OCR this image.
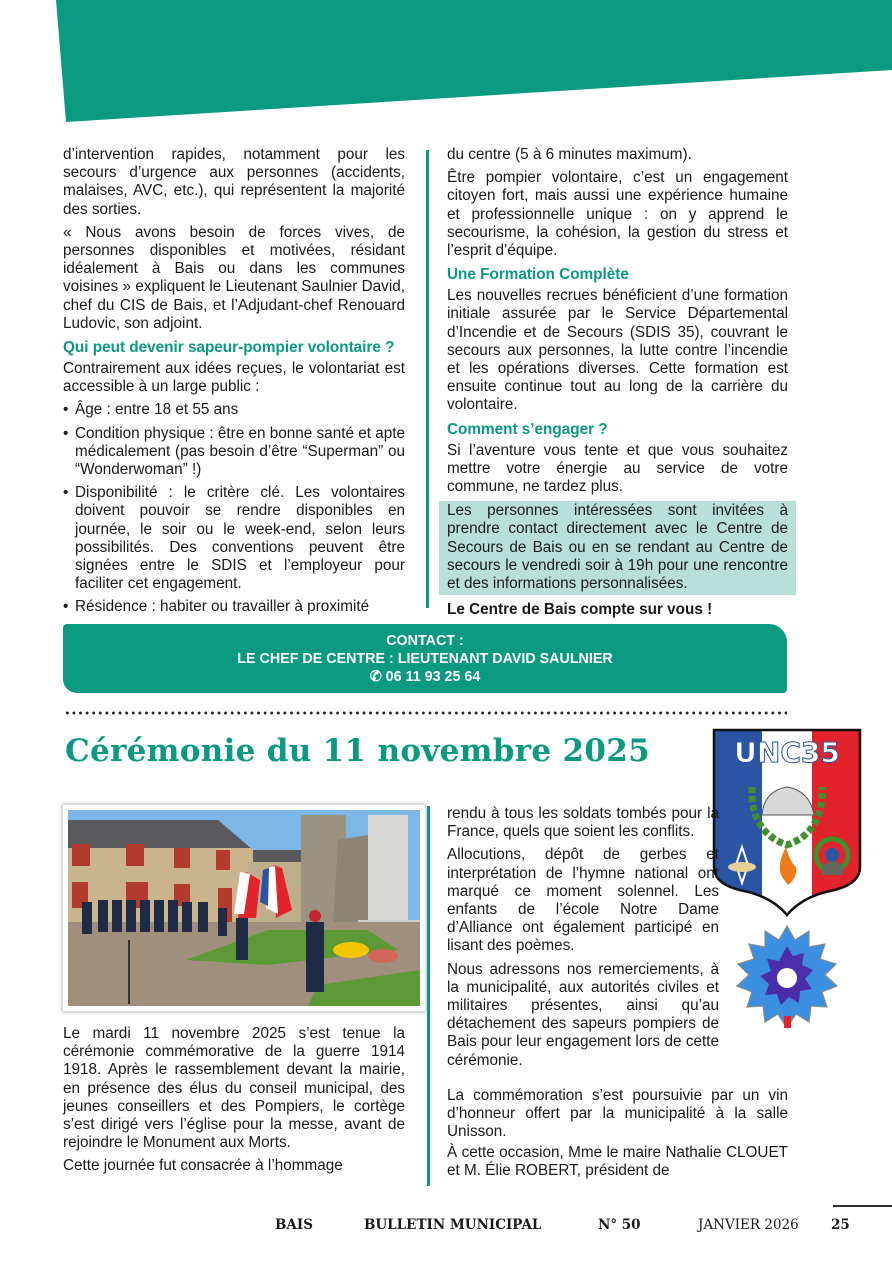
d’intervention rapides, notamment pour les secours d’urgence aux personnes (accidents, malaises, AVC, etc.), qui représentent la majorité des sorties.

« Nous avons besoin de forces vives, de personnes disponibles et motivées, résidant idéalement à Bais ou dans les communes voisines » expliquent le Lieutenant Saulnier David, chef du CIS de Bais, et l’Adjudant-chef Renouard Ludovic, son adjoint.

Qui peut devenir sapeur-pompier volontaire ?

Contrairement aux idées reçues, le volontariat est accessible à un large public :

• Âge : entre 18 et 55 ans
• Condition physique : être en bonne santé et apte médicalement (pas besoin d’être “Superman” ou “Wonderwoman” !)
• Disponibilité : le critère clé. Les volontaires doivent pouvoir se rendre disponibles en journée, le soir ou le week-end, selon leurs possibilités. Des conventions peuvent être signées entre le SDIS et l’employeur pour faciliter cet engagement.
• Résidence : habiter ou travailler à proximité

du centre (5 à 6 minutes maximum).

Être pompier volontaire, c’est un engagement citoyen fort, mais aussi une expérience humaine et professionnelle unique : on y apprend le secourisme, la cohésion, la gestion du stress et l’esprit d’équipe.

Une Formation Complète

Les nouvelles recrues bénéficient d’une formation initiale assurée par le Service Départemental d’Incendie et de Secours (SDIS 35), couvrant le secours aux personnes, la lutte contre l’incendie et les opérations diverses. Cette formation est ensuite continue tout au long de la carrière du volontaire.

Comment s’engager ?

Si l’aventure vous tente et que vous souhaitez mettre votre énergie au service de votre commune, ne tardez plus.

Les personnes intéressées sont invitées à prendre contact directement avec le Centre de Secours de Bais ou en se rendant au Centre de secours le vendredi soir à 19h pour une rencontre et des informations personnalisées.

Le Centre de Bais compte sur vous !

CONTACT :
LE CHEF DE CENTRE : LIEUTENANT DAVID SAULNIER
✆ 06 11 93 25 64
Cérémonie du 11 novembre 2025	UNC35

Le mardi 11 novembre 2025 s’est tenue la cérémonie commémorative de la guerre 1914 1918. Après le rassemblement devant la mairie, en présence des élus du conseil municipal, des jeunes conseillers et des Pompiers, le cortège s’est dirigé vers l’église pour la messe, avant de rejoindre le Monument aux Morts.

Cette journée fut consacrée à l’hommage

rendu à tous les soldats tombés pour la France, quels que soient les conflits.

Allocutions, dépôt de gerbes et interprétation de l’hymne national ont marqué ce moment solennel. Les enfants de l’école Notre Dame d’Alliance ont également participé en lisant des poèmes.

Nous adressons nos remerciements, à la municipalité, aux autorités civiles et militaires présentes, ainsi qu’au détachement des sapeurs pompiers de Bais pour leur engagement lors de cette cérémonie.

La commémoration s’est poursuivie par un vin d’honneur offert par la municipalité à la salle Unisson.

À cette occasion, Mme le maire Nathalie CLOUET et M. Élie ROBERT, président de

BAIS	BULLETIN MUNICIPAL	N° 50	JANVIER 2026 25
